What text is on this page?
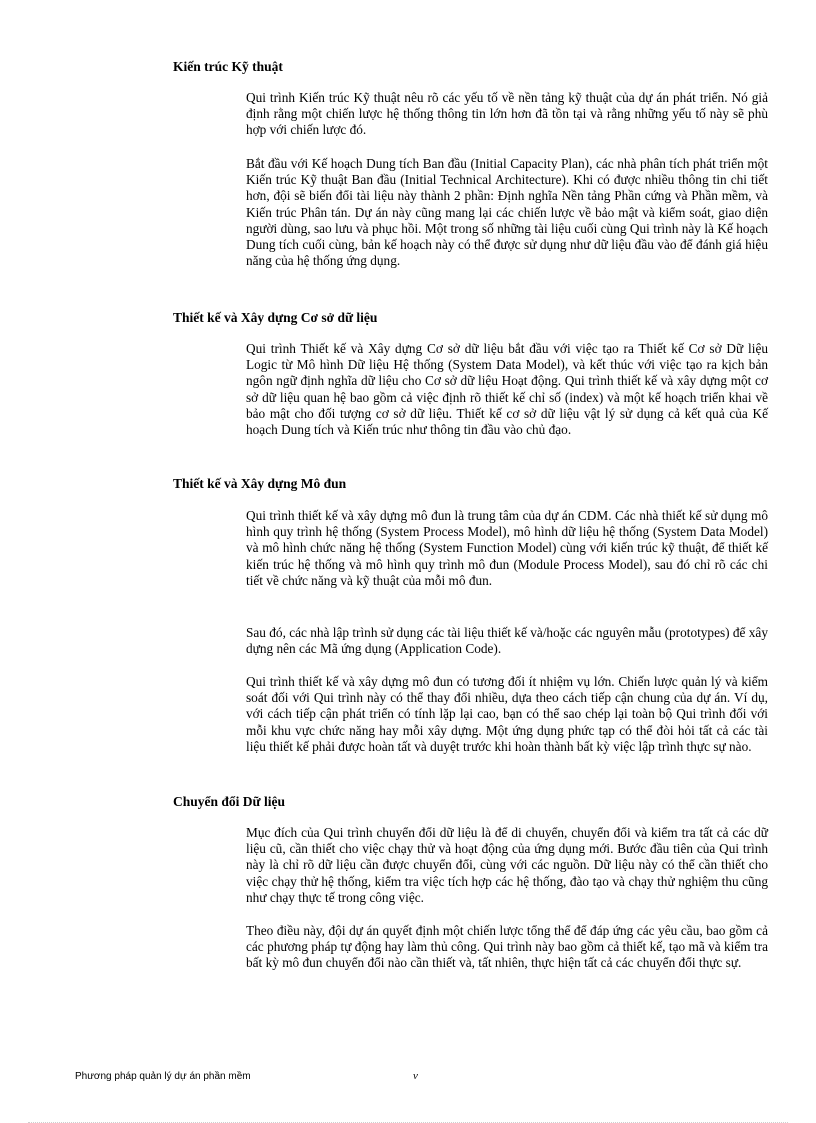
Kiến trúc Kỹ thuật

Qui trình Kiến trúc Kỹ thuật nêu rõ các yếu tố về nền tảng kỹ thuật của dự án phát triển. Nó giả định rằng một chiến lược hệ thống thông tin lớn hơn đã tồn tại và rằng những yếu tố này sẽ phù hợp với chiến lược đó.

Bắt đầu với Kế hoạch Dung tích Ban đầu (Initial Capacity Plan), các nhà phân tích phát triển một Kiến trúc Kỹ thuật Ban đầu (Initial Technical Architecture). Khi có được nhiều thông tin chi tiết hơn, đội sẽ biến đổi tài liệu này thành 2 phần: Định nghĩa Nền tảng Phần cứng và Phần mềm, và Kiến trúc Phân tán. Dự án này cũng mang lại các chiến lược về bảo mật và kiểm soát, giao diện người dùng, sao lưu và phục hồi. Một trong số những tài liệu cuối cùng Qui trình này là Kế hoạch Dung tích cuối cùng, bản kế hoạch này có thể được sử dụng như dữ liệu đầu vào để đánh giá hiệu năng của hệ thống ứng dụng.

Thiết kế và Xây dựng Cơ sở dữ liệu

Qui trình Thiết kế và Xây dựng Cơ sở dữ liệu bắt đầu với việc tạo ra Thiết kế Cơ sở Dữ liệu Logic từ Mô hình Dữ liệu Hệ thống (System Data Model), và kết thúc với việc tạo ra kịch bản ngôn ngữ định nghĩa dữ liệu cho Cơ sở dữ liệu Hoạt động. Qui trình thiết kế và xây dựng một cơ sở dữ liệu quan hệ bao gồm cả việc định rõ thiết kế chỉ số (index) và một kế hoạch triển khai về bảo mật cho đối tượng cơ sở dữ liệu. Thiết kế cơ sở dữ liệu vật lý sử dụng cả kết quả của Kế hoạch Dung tích và Kiến trúc như thông tin đầu vào chủ đạo.

Thiết kế và Xây dựng Mô đun

Qui trình thiết kế và xây dựng mô đun là trung tâm của dự án CDM. Các nhà thiết kế sử dụng mô hình quy trình hệ thống (System Process Model), mô hình dữ liệu hệ thống (System Data Model) và mô hình chức năng hệ thống (System Function Model) cùng với kiến trúc kỹ thuật, để thiết kế kiến trúc hệ thống và mô hình quy trình mô đun (Module Process Model), sau đó chỉ rõ các chi tiết về chức năng và kỹ thuật của mỗi mô đun.

Sau đó, các nhà lập trình sử dụng các tài liệu thiết kế và/hoặc các nguyên mẫu (prototypes) để xây dựng nên các Mã ứng dụng (Application Code).

Qui trình thiết kế và xây dựng mô đun có tương đối ít nhiệm vụ lớn. Chiến lược quản lý và kiểm soát đối với Qui trình này có thể thay đổi nhiều, dựa theo cách tiếp cận chung của dự án. Ví dụ, với cách tiếp cận phát triển có tính lặp lại cao, bạn có thể sao chép lại toàn bộ Qui trình đối với mỗi khu vực chức năng hay mỗi xây dựng. Một ứng dụng phức tạp có thể đòi hỏi tất cả các tài liệu thiết kế phải được hoàn tất và duyệt trước khi hoàn thành bất kỳ việc lập trình thực sự nào.

Chuyển đổi Dữ liệu

Mục đích của Qui trình chuyển đổi dữ liệu là để di chuyển, chuyển đổi và kiểm tra tất cả các dữ liệu cũ, cần thiết cho việc chạy thử và hoạt động của ứng dụng mới. Bước đầu tiên của Qui trình này là chỉ rõ dữ liệu cần được chuyển đổi, cùng với các nguồn. Dữ liệu này có thể cần thiết cho việc chạy thử hệ thống, kiểm tra việc tích hợp các hệ thống, đào tạo và chạy thử nghiệm thu cũng như chạy thực tế trong công việc.

Theo điều này, đội dự án quyết định một chiến lược tổng thể để đáp ứng các yêu cầu, bao gồm cả các phương pháp tự động hay làm thủ công. Qui trình này bao gồm cả thiết kế, tạo mã và kiểm tra bất kỳ mô đun chuyển đổi nào cần thiết và, tất nhiên, thực hiện tất cả các chuyển đổi thực sự.

Phương pháp quản lý dự án phần mềm	v
